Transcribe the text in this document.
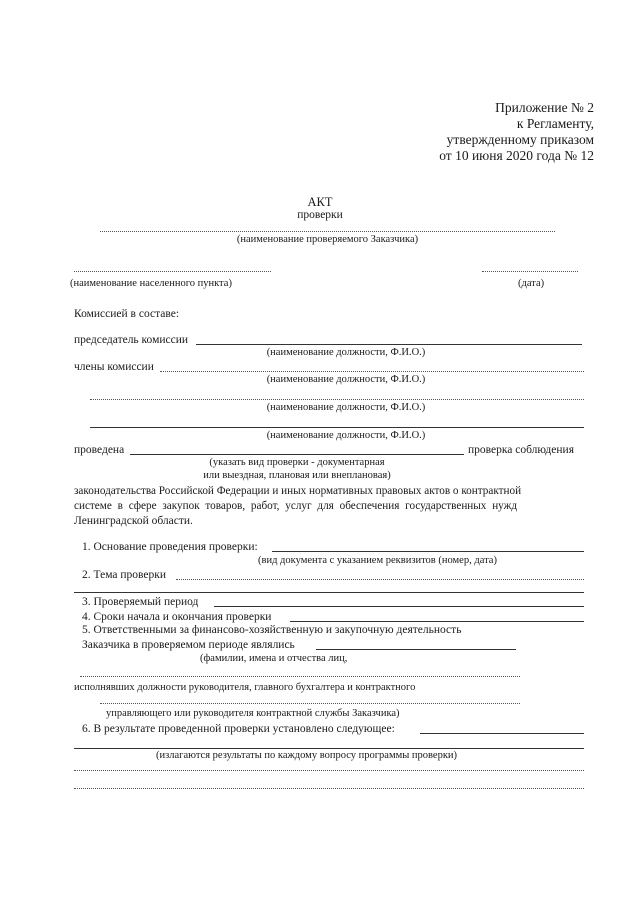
Приложение № 2
к Регламенту,
утвержденному приказом
от 10 июня 2020 года № 12
АКТ
проверки
(наименование проверяемого Заказчика)
(наименование населенного пункта)	(дата)
Комиссией в составе:
председатель комиссии
(наименование должности, Ф.И.О.)
члены комиссии
(наименование должности, Ф.И.О.)
(наименование должности, Ф.И.О.)
(наименование должности, Ф.И.О.)
проведена	проверка соблюдения
(указать вид проверки - документарная
или выездная, плановая или внеплановая)
законодательства Российской Федерации и иных нормативных правовых актов о контрактной
системе в сфере закупок товаров, работ, услуг для обеспечения государственных нужд
Ленинградской области.
1. Основание проведения проверки:
(вид документа с указанием реквизитов (номер, дата)
2. Тема проверки
3. Проверяемый период
4. Сроки начала и окончания проверки
5. Ответственными за финансово-хозяйственную и закупочную деятельность
Заказчика в проверяемом периоде являлись
(фамилии, имена и отчества лиц,
исполнявших должности руководителя, главного бухгалтера и контрактного
управляющего или руководителя контрактной службы Заказчика)
6. В результате проведенной проверки установлено следующее:
(излагаются результаты по каждому вопросу программы проверки)
